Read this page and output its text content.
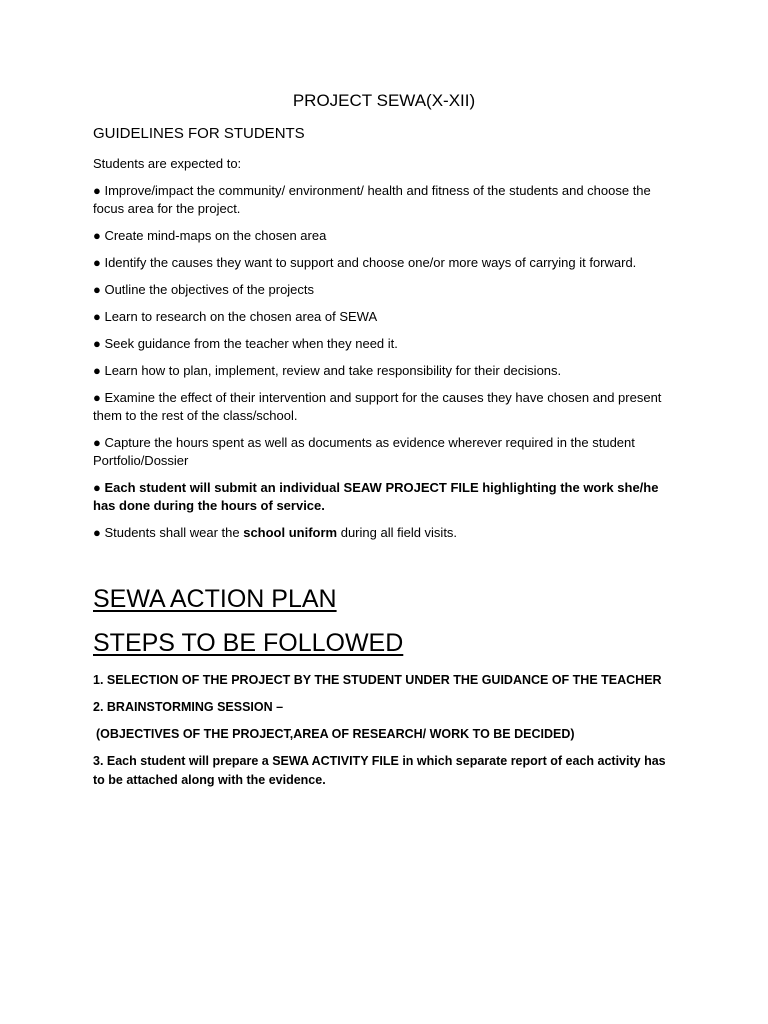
PROJECT SEWA(X-XII)
GUIDELINES FOR STUDENTS
Students are expected to:
● Improve/impact the community/ environment/ health and fitness of the students and choose the focus area for the project.
● Create mind-maps on the chosen area
● Identify the causes they want to support and choose one/or more ways of carrying it forward.
● Outline the objectives of the projects
● Learn to research on the chosen area of SEWA
● Seek guidance from the teacher when they need it.
● Learn how to plan, implement, review and take responsibility for their decisions.
● Examine the effect of their intervention and support for the causes they have chosen and present them to the rest of the class/school.
● Capture the hours spent as well as documents as evidence wherever required in the student Portfolio/Dossier
● Each student will submit an individual SEAW PROJECT FILE highlighting the work she/he has done during the hours of service.
● Students shall wear the school uniform during all field visits.
SEWA ACTION PLAN
STEPS TO BE FOLLOWED
1. SELECTION OF THE PROJECT BY THE STUDENT UNDER THE GUIDANCE OF THE TEACHER
2. BRAINSTORMING SESSION –
(OBJECTIVES OF THE PROJECT,AREA OF RESEARCH/ WORK TO BE DECIDED)
3. Each student will prepare a SEWA ACTIVITY FILE in which separate report of each activity has to be attached along with the evidence.
